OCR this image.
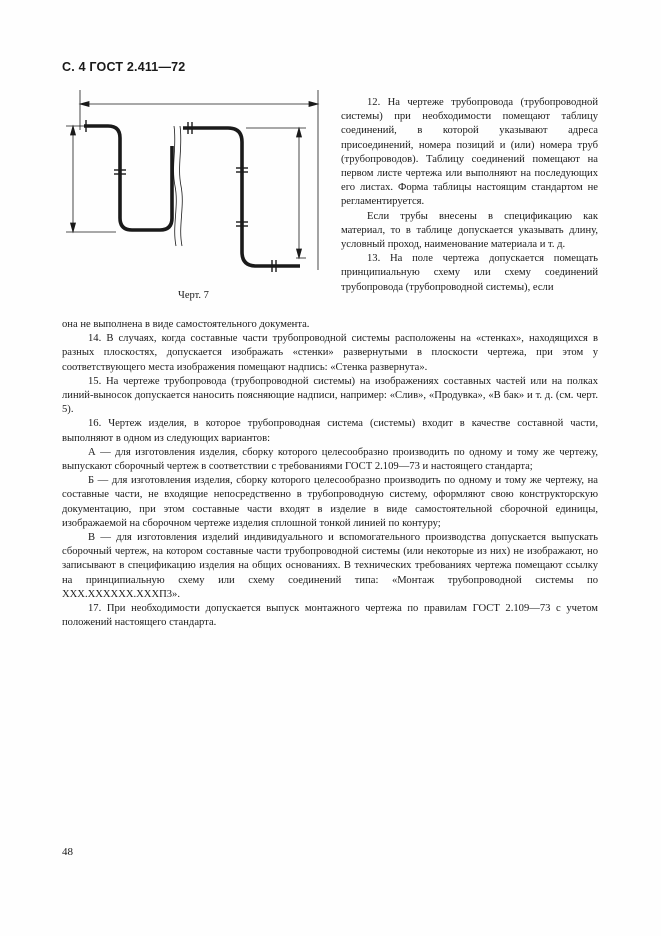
С. 4 ГОСТ 2.411—72
Черт. 7

12. На чертеже трубопровода (трубопроводной системы) при необходимости помещают таблицу соединений, в которой указывают адреса присоединений, номера позиций и (или) номера труб (трубопроводов). Таблицу соединений помещают на первом листе чертежа или выполняют на последующих его листах. Форма таблицы настоящим стандартом не регламентируется.

Если трубы внесены в спецификацию как материал, то в таблице допускается указывать длину, условный проход, наименование материала и т. д.

13. На поле чертежа допускается помещать принципиальную схему или схему соединений трубопровода (трубопроводной системы), если

она не выполнена в виде самостоятельного документа.

14. В случаях, когда составные части трубопроводной системы расположены на «стенках», находящихся в разных плоскостях, допускается изображать «стенки» развернутыми в плоскости чертежа, при этом у соответствующего места изображения помещают надпись: «Стенка развернута».

15. На чертеже трубопровода (трубопроводной системы) на изображениях составных частей или на полках линий-выносок допускается наносить поясняющие надписи, например: «Слив», «Продувка», «В бак» и т. д. (см. черт. 5).

16. Чертеж изделия, в которое трубопроводная система (системы) входит в качестве составной части, выполняют в одном из следующих вариантов:

А — для изготовления изделия, сборку которого целесообразно производить по одному и тому же чертежу, выпускают сборочный чертеж в соответствии с требованиями ГОСТ 2.109—73 и настоящего стандарта;

Б — для изготовления изделия, сборку которого целесообразно производить по одному и тому же чертежу, на составные части, не входящие непосредственно в трубопроводную систему, оформляют свою конструкторскую документацию, при этом составные части входят в изделие в виде самостоятельной сборочной единицы, изображаемой на сборочном чертеже изделия сплошной тонкой линией по контуру;

В — для изготовления изделий индивидуального и вспомогательного производства допускается выпускать сборочный чертеж, на котором составные части трубопроводной системы (или некоторые из них) не изображают, но записывают в спецификацию изделия на общих основаниях. В технических требованиях чертежа помещают ссылку на принципиальную схему или схему соединений типа: «Монтаж трубопроводной системы по XXX.XXXXXX.XXXП3».

17. При необходимости допускается выпуск монтажного чертежа по правилам ГОСТ 2.109—73 с учетом положений настоящего стандарта.

48
